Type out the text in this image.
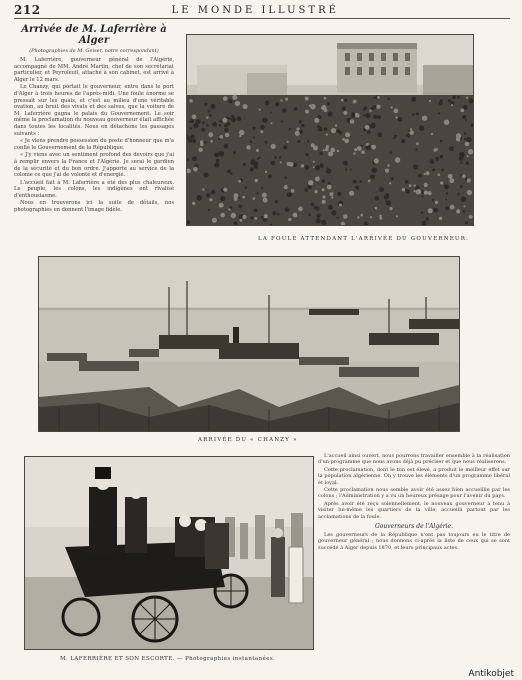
212	LE MONDE ILLUSTRÉ
Arrivée de M. Laferrière à Alger
(Photographies de M. Geiser, notre correspondant)

M. Laferrière, gouverneur général de l'Algérie, accompagné de MM. André Martin, chef de son secrétariat particulier, et Peyroleuil, attaché à son cabinet, est arrivé à Alger le 12 mars.

Le Chanzy, qui portait le gouverneur, entre dans le port d'Alger à trois heures de l'après-midi. Une foule énorme se pressait sur les quais, et c'est au milieu d'une véritable ovation, au bruit des vivats et des salves, que la voiture de M. Laferrière gagna le palais du Gouvernement. Le soir même la proclamation du nouveau gouverneur était affichée dans toutes les localités. Nous en détachons les passages suivants :

« Je viens prendre possession du poste d'honneur que m'a confié le Gouvernement de la République.

« J'y viens avec un sentiment profond des devoirs que j'ai à remplir envers la France et l'Algérie. Je serai le gardien de la sécurité et du bon ordre. J'apporte au service de la colonie ce que j'ai de volonté et d'énergie.

L'accueil fait à M. Laferrière a été des plus chaleureux. Le peuple, les colons, les indigènes ont rivalisé d'enthousiasme.

Nous en trouverons ici la suite de détails, nos photographies en donnent l'image fidèle.

LA FOULE ATTENDANT L'ARRIVÉE DU GOUVERNEUR.
ARRIVÉE DU « CHANZY »
M. LAFERRIÈRE ET SON ESCORTE. — Photographies instantanées.

L'accueil ainsi ouvert, nous pourrons travailler ensemble à la réalisation d'un programme que nous avons déjà pu préciser et que nous réaliserons.

Cette proclamation, dont le ton est élevé, a produit le meilleur effet sur la population algérienne. On y trouve les éléments d'un programme libéral et loyal.

Cette proclamation nous semble avoir été assez bien accueillie par les colons ; l'Administration y a vu un heureux présage pour l'avenir du pays.

Après avoir été reçu solennellement, le nouveau gouverneur a tenu à visiter lui-même les quartiers de la ville, accueilli partout par les acclamations de la foule.

Gouverneurs de l'Algérie.

Les gouverneurs de la République n'ont pas toujours eu le titre de gouverneur général ; nous donnons ci-après la liste de ceux qui se sont succédé à Alger depuis 1870, et leurs principaux actes.

Antikobjet
